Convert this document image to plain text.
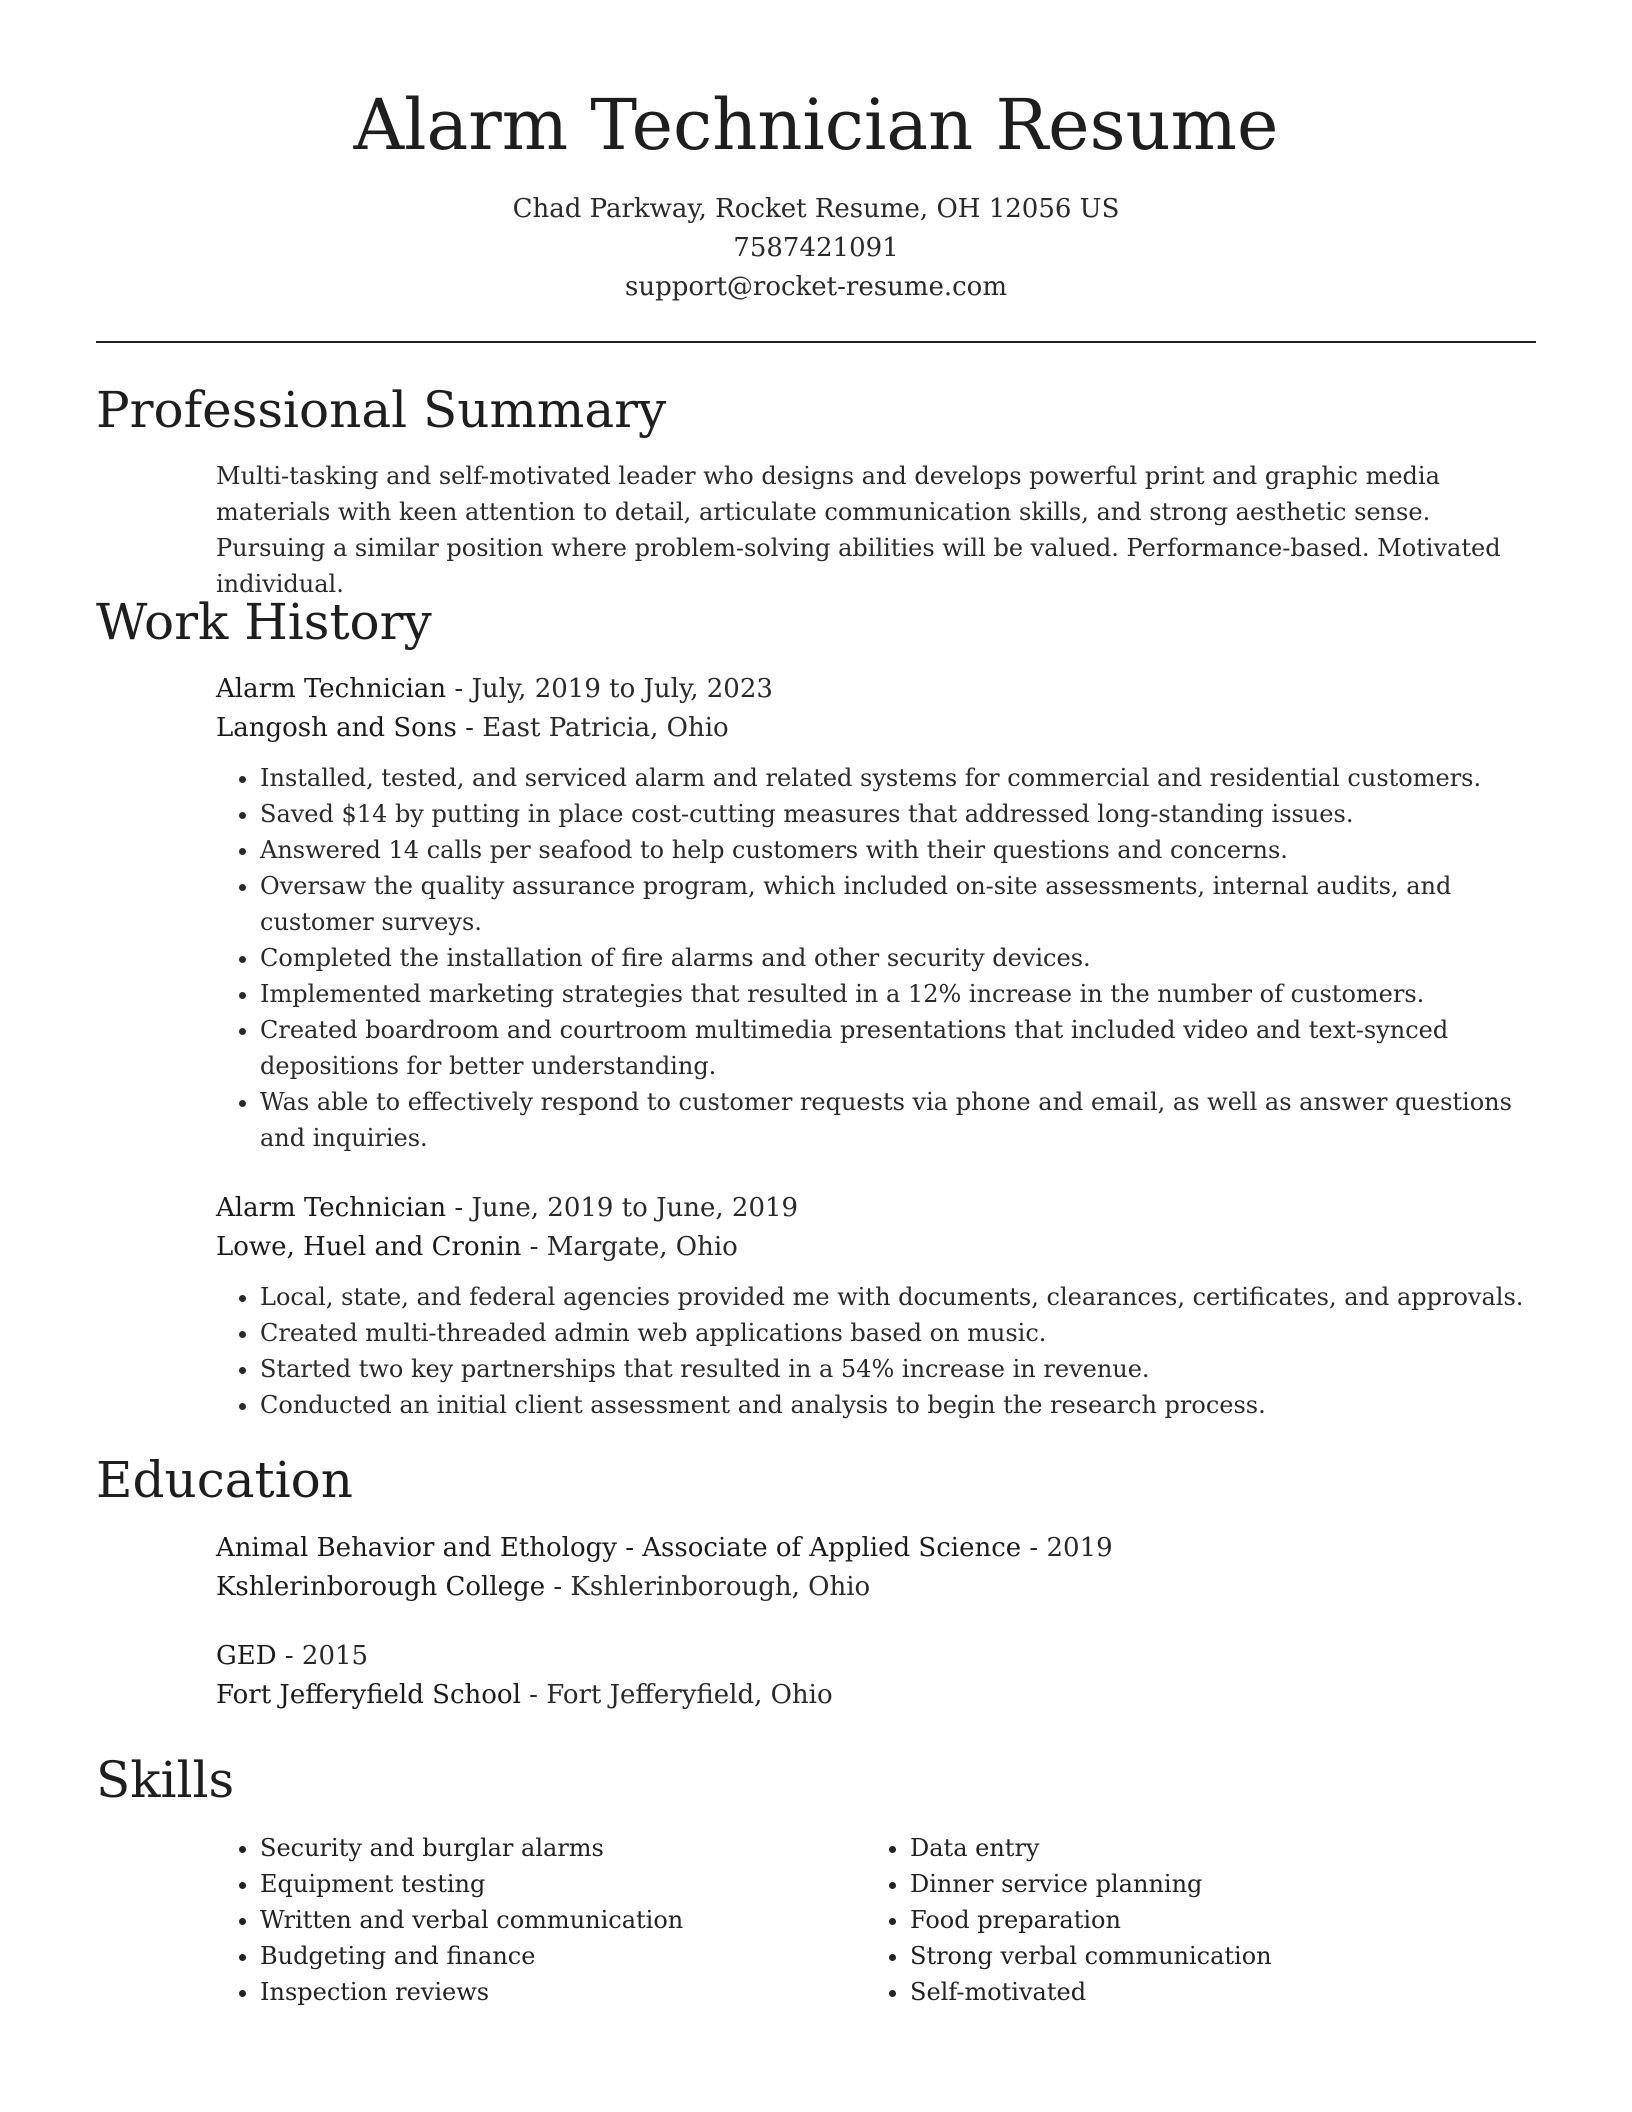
Alarm Technician Resume
Chad Parkway, Rocket Resume, OH 12056 US
7587421091
support@rocket-resume.com
Professional Summary

Multi-tasking and self-motivated leader who designs and develops powerful print and graphic media materials with keen attention to detail, articulate communication skills, and strong aesthetic sense. Pursuing a similar position where problem-solving abilities will be valued. Performance-based. Motivated individual.

Work History

Alarm Technician - July, 2019 to July, 2023

Langosh and Sons - East Patricia, Ohio

• Installed, tested, and serviced alarm and related systems for commercial and residential customers.
• Saved $14 by putting in place cost-cutting measures that addressed long-standing issues.
• Answered 14 calls per seafood to help customers with their questions and concerns.
• Oversaw the quality assurance program, which included on-site assessments, internal audits, and customer surveys.
• Completed the installation of fire alarms and other security devices.
• Implemented marketing strategies that resulted in a 12% increase in the number of customers.
• Created boardroom and courtroom multimedia presentations that included video and text-synced depositions for better understanding.
• Was able to effectively respond to customer requests via phone and email, as well as answer questions and inquiries.

Alarm Technician - June, 2019 to June, 2019

Lowe, Huel and Cronin - Margate, Ohio

• Local, state, and federal agencies provided me with documents, clearances, certificates, and approvals.
• Created multi-threaded admin web applications based on music.
• Started two key partnerships that resulted in a 54% increase in revenue.
• Conducted an initial client assessment and analysis to begin the research process.
Education

Animal Behavior and Ethology - Associate of Applied Science - 2019

Kshlerinborough College - Kshlerinborough, Ohio

GED - 2015

Fort Jefferyfield School - Fort Jefferyfield, Ohio

Skills
• Security and burglar alarms
• Equipment testing
• Written and verbal communication
• Budgeting and finance
• Inspection reviews
• Data entry
• Dinner service planning
• Food preparation
• Strong verbal communication
• Self-motivated
